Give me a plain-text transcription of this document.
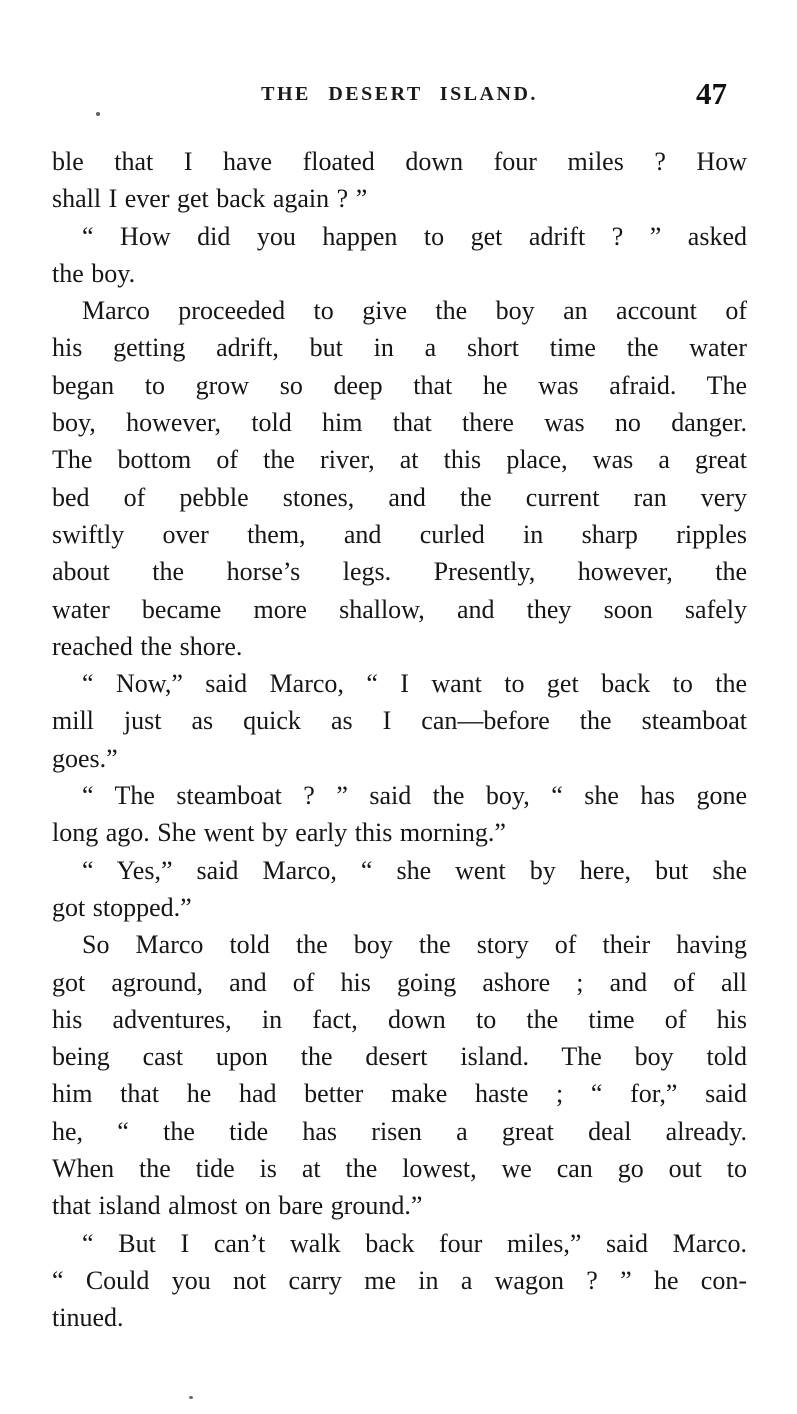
THE DESERT ISLAND.	47
ble that I have floated down four miles ? How
shall I ever get back again ? ”
“ How did you happen to get adrift ? ” asked
the boy.
Marco proceeded to give the boy an account of
his getting adrift, but in a short time the water
began to grow so deep that he was afraid. The
boy, however, told him that there was no danger.
The bottom of the river, at this place, was a great
bed of pebble stones, and the current ran very
swiftly over them, and curled in sharp ripples
about the horse’s legs. Presently, however, the
water became more shallow, and they soon safely
reached the shore.
“ Now,” said Marco, “ I want to get back to the
mill just as quick as I can—before the steamboat
goes.”
“ The steamboat ? ” said the boy, “ she has gone
long ago. She went by early this morning.”
“ Yes,” said Marco, “ she went by here, but she
got stopped.”
So Marco told the boy the story of their having
got aground, and of his going ashore ; and of all
his adventures, in fact, down to the time of his
being cast upon the desert island. The boy told
him that he had better make haste ; “ for,” said
he, “ the tide has risen a great deal already.
When the tide is at the lowest, we can go out to
that island almost on bare ground.”
“ But I can’t walk back four miles,” said Marco.
“ Could you not carry me in a wagon ? ” he con-
tinued.
